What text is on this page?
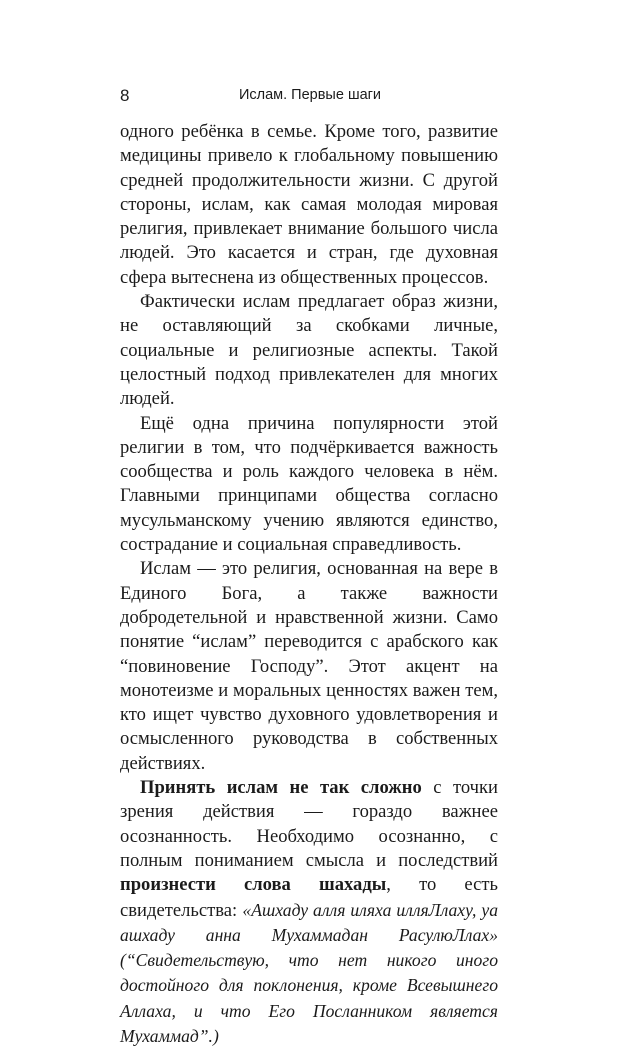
8	Ислам. Первые шаги

одного ребёнка в семье. Кроме того, развитие медицины привело к глобальному повышению средней продолжительности жизни. С другой стороны, ислам, как самая молодая мировая религия, привлекает внимание большого числа людей. Это касается и стран, где духовная сфера вытеснена из общественных процессов.

Фактически ислам предлагает образ жизни, не оставляющий за скобками личные, социальные и религиозные аспекты. Такой целостный подход привлекателен для многих людей.

Ещё одна причина популярности этой религии в том, что подчёркивается важность сообщества и роль каждого человека в нём. Главными принципами общества согласно мусульманскому учению являются единство, сострадание и социальная справедливость.

Ислам — это религия, основанная на вере в Единого Бога, а также важности добродетельной и нравственной жизни. Само понятие “ислам” переводится с арабского как “повиновение Господу”. Этот акцент на монотеизме и моральных ценностях важен тем, кто ищет чувство духовного удовлетворения и осмысленного руководства в собственных действиях.

Принять ислам не так сложно с точки зрения действия — гораздо важнее осознанность. Необходимо осознанно, с полным пониманием смысла и последствий произнести слова шахады, то есть свидетельства: «Ашхаду алля иляха илляЛлаху, уа ашхаду анна Мухаммадан РасулюЛлах» (“Свидетельствую, что нет никого иного достойного для поклонения, кроме Всевышнего Аллаха, и что Его Посланником является Мухаммад”.)
